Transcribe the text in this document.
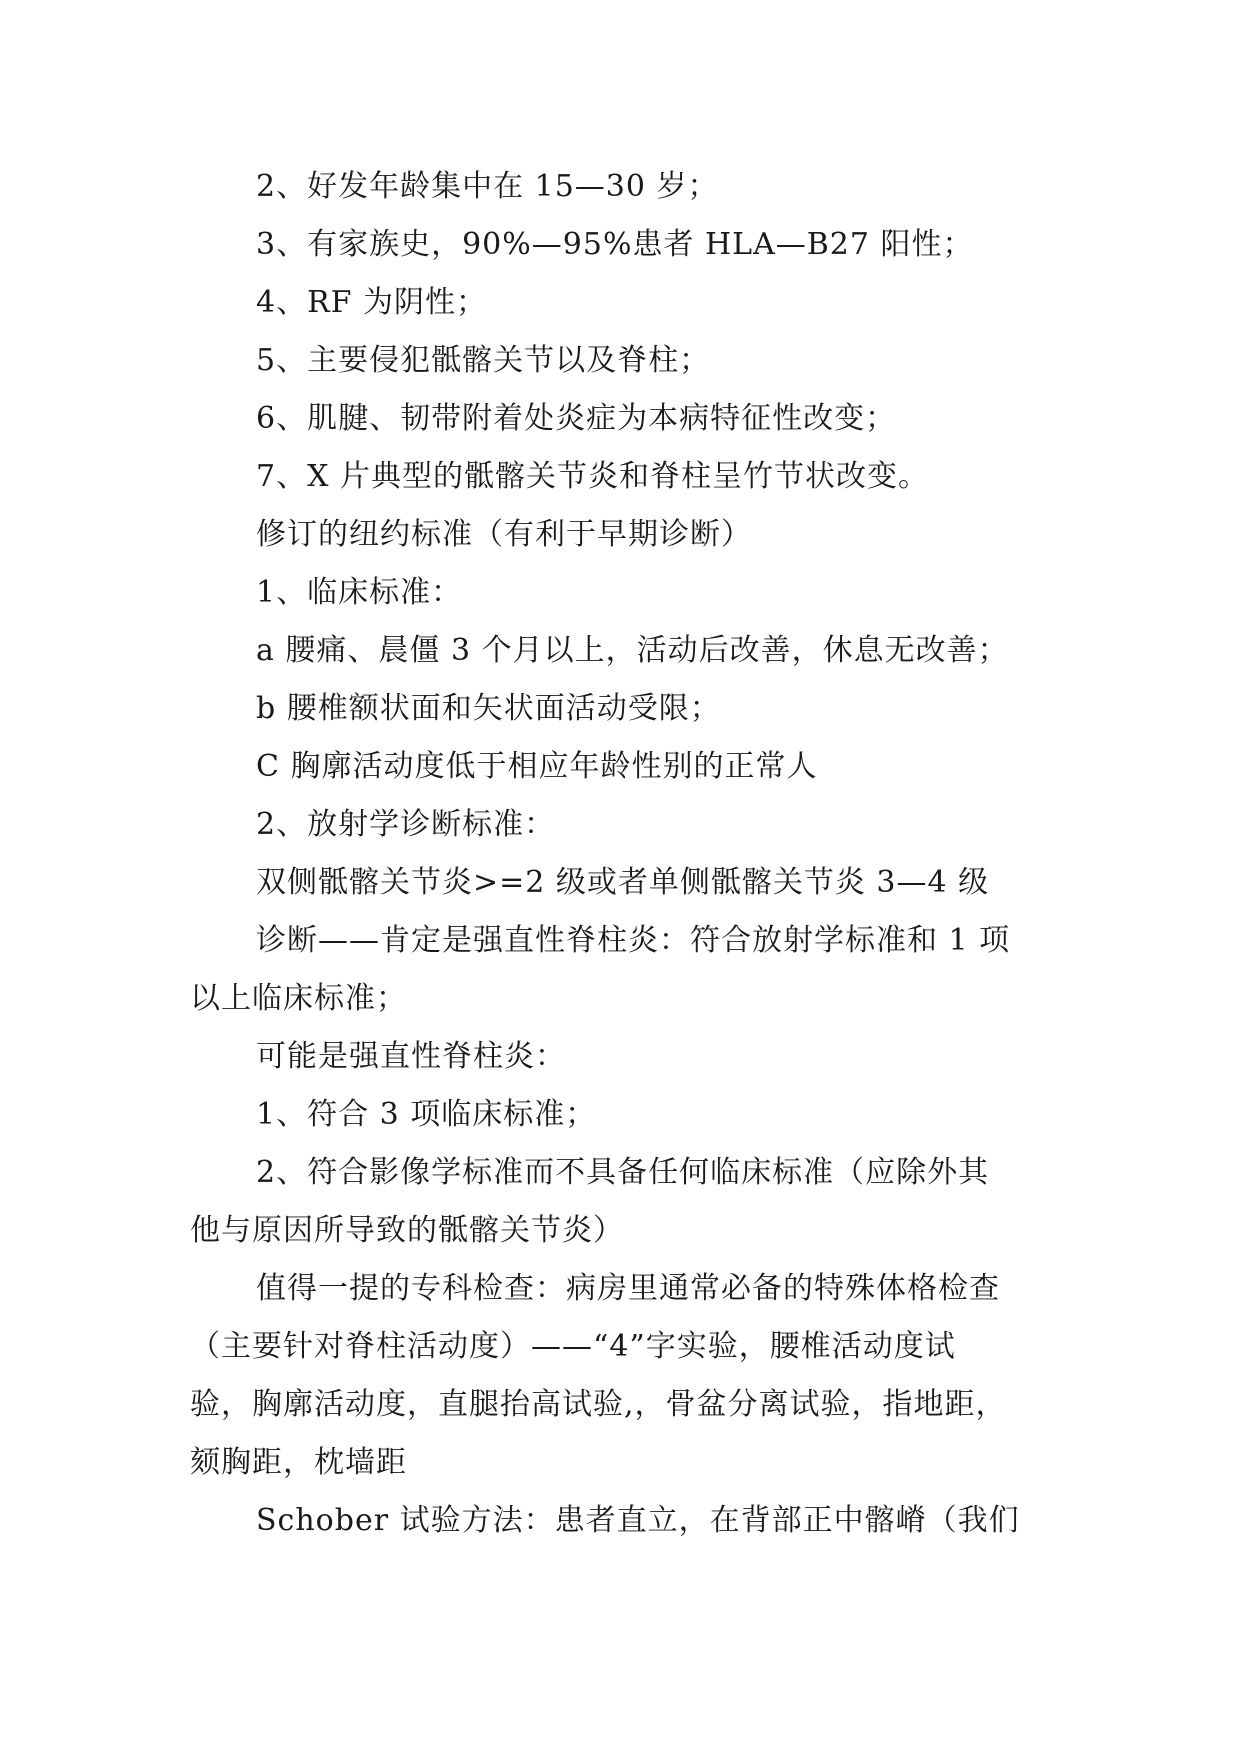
2、好发年龄集中在 15—30 岁；
3、有家族史，90%—95%患者 HLA—B27 阳性；
4、RF 为阴性；
5、主要侵犯骶髂关节以及脊柱；
6、肌腱、韧带附着处炎症为本病特征性改变；
7、X 片典型的骶髂关节炎和脊柱呈竹节状改变。
修订的纽约标准（有利于早期诊断）
1、临床标准：
a 腰痛、晨僵 3 个月以上，活动后改善，休息无改善；
b 腰椎额状面和矢状面活动受限；
C 胸廓活动度低于相应年龄性别的正常人
2、放射学诊断标准：
双侧骶髂关节炎>=2 级或者单侧骶髂关节炎 3—4 级
诊断——肯定是强直性脊柱炎：符合放射学标准和 1 项
以上临床标准；
可能是强直性脊柱炎：
1、符合 3 项临床标准；
2、符合影像学标准而不具备任何临床标准（应除外其
他与原因所导致的骶髂关节炎）
值得一提的专科检查：病房里通常必备的特殊体格检查
（主要针对脊柱活动度）——“4”字实验，腰椎活动度试
验，胸廓活动度，直腿抬高试验,，骨盆分离试验，指地距，
颏胸距，枕墙距
Schober 试验方法：患者直立，在背部正中髂嵴（我们
